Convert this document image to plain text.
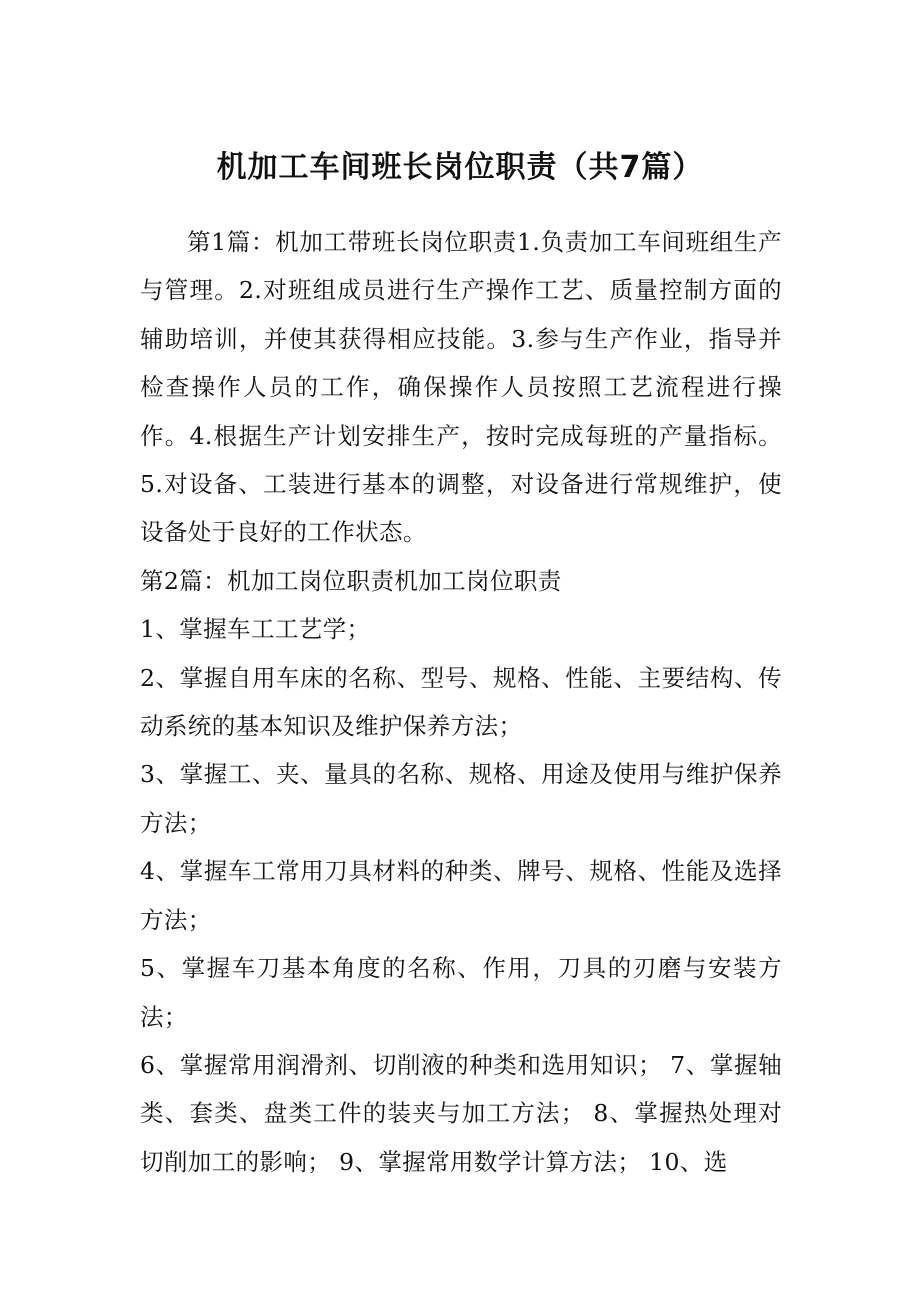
机加工车间班长岗位职责（共7篇）

第1篇：机加工带班长岗位职责1.负责加工车间班组生产与管理。2.对班组成员进行生产操作工艺、质量控制方面的辅助培训，并使其获得相应技能。3.参与生产作业，指导并检查操作人员的工作，确保操作人员按照工艺流程进行操作。4.根据生产计划安排生产，按时完成每班的产量指标。5.对设备、工装进行基本的调整，对设备进行常规维护，使设备处于良好的工作状态。

第2篇：机加工岗位职责机加工岗位职责

1、掌握车工工艺学；

2、掌握自用车床的名称、型号、规格、性能、主要结构、传动系统的基本知识及维护保养方法；

3、掌握工、夹、量具的名称、规格、用途及使用与维护保养方法；

4、掌握车工常用刀具材料的种类、牌号、规格、性能及选择方法；

5、掌握车刀基本角度的名称、作用，刀具的刃磨与安装方法；

6、掌握常用润滑剂、切削液的种类和选用知识； 7、掌握轴类、套类、盘类工件的装夹与加工方法； 8、掌握热处理对切削加工的影响； 9、掌握常用数学计算方法； 10、选
